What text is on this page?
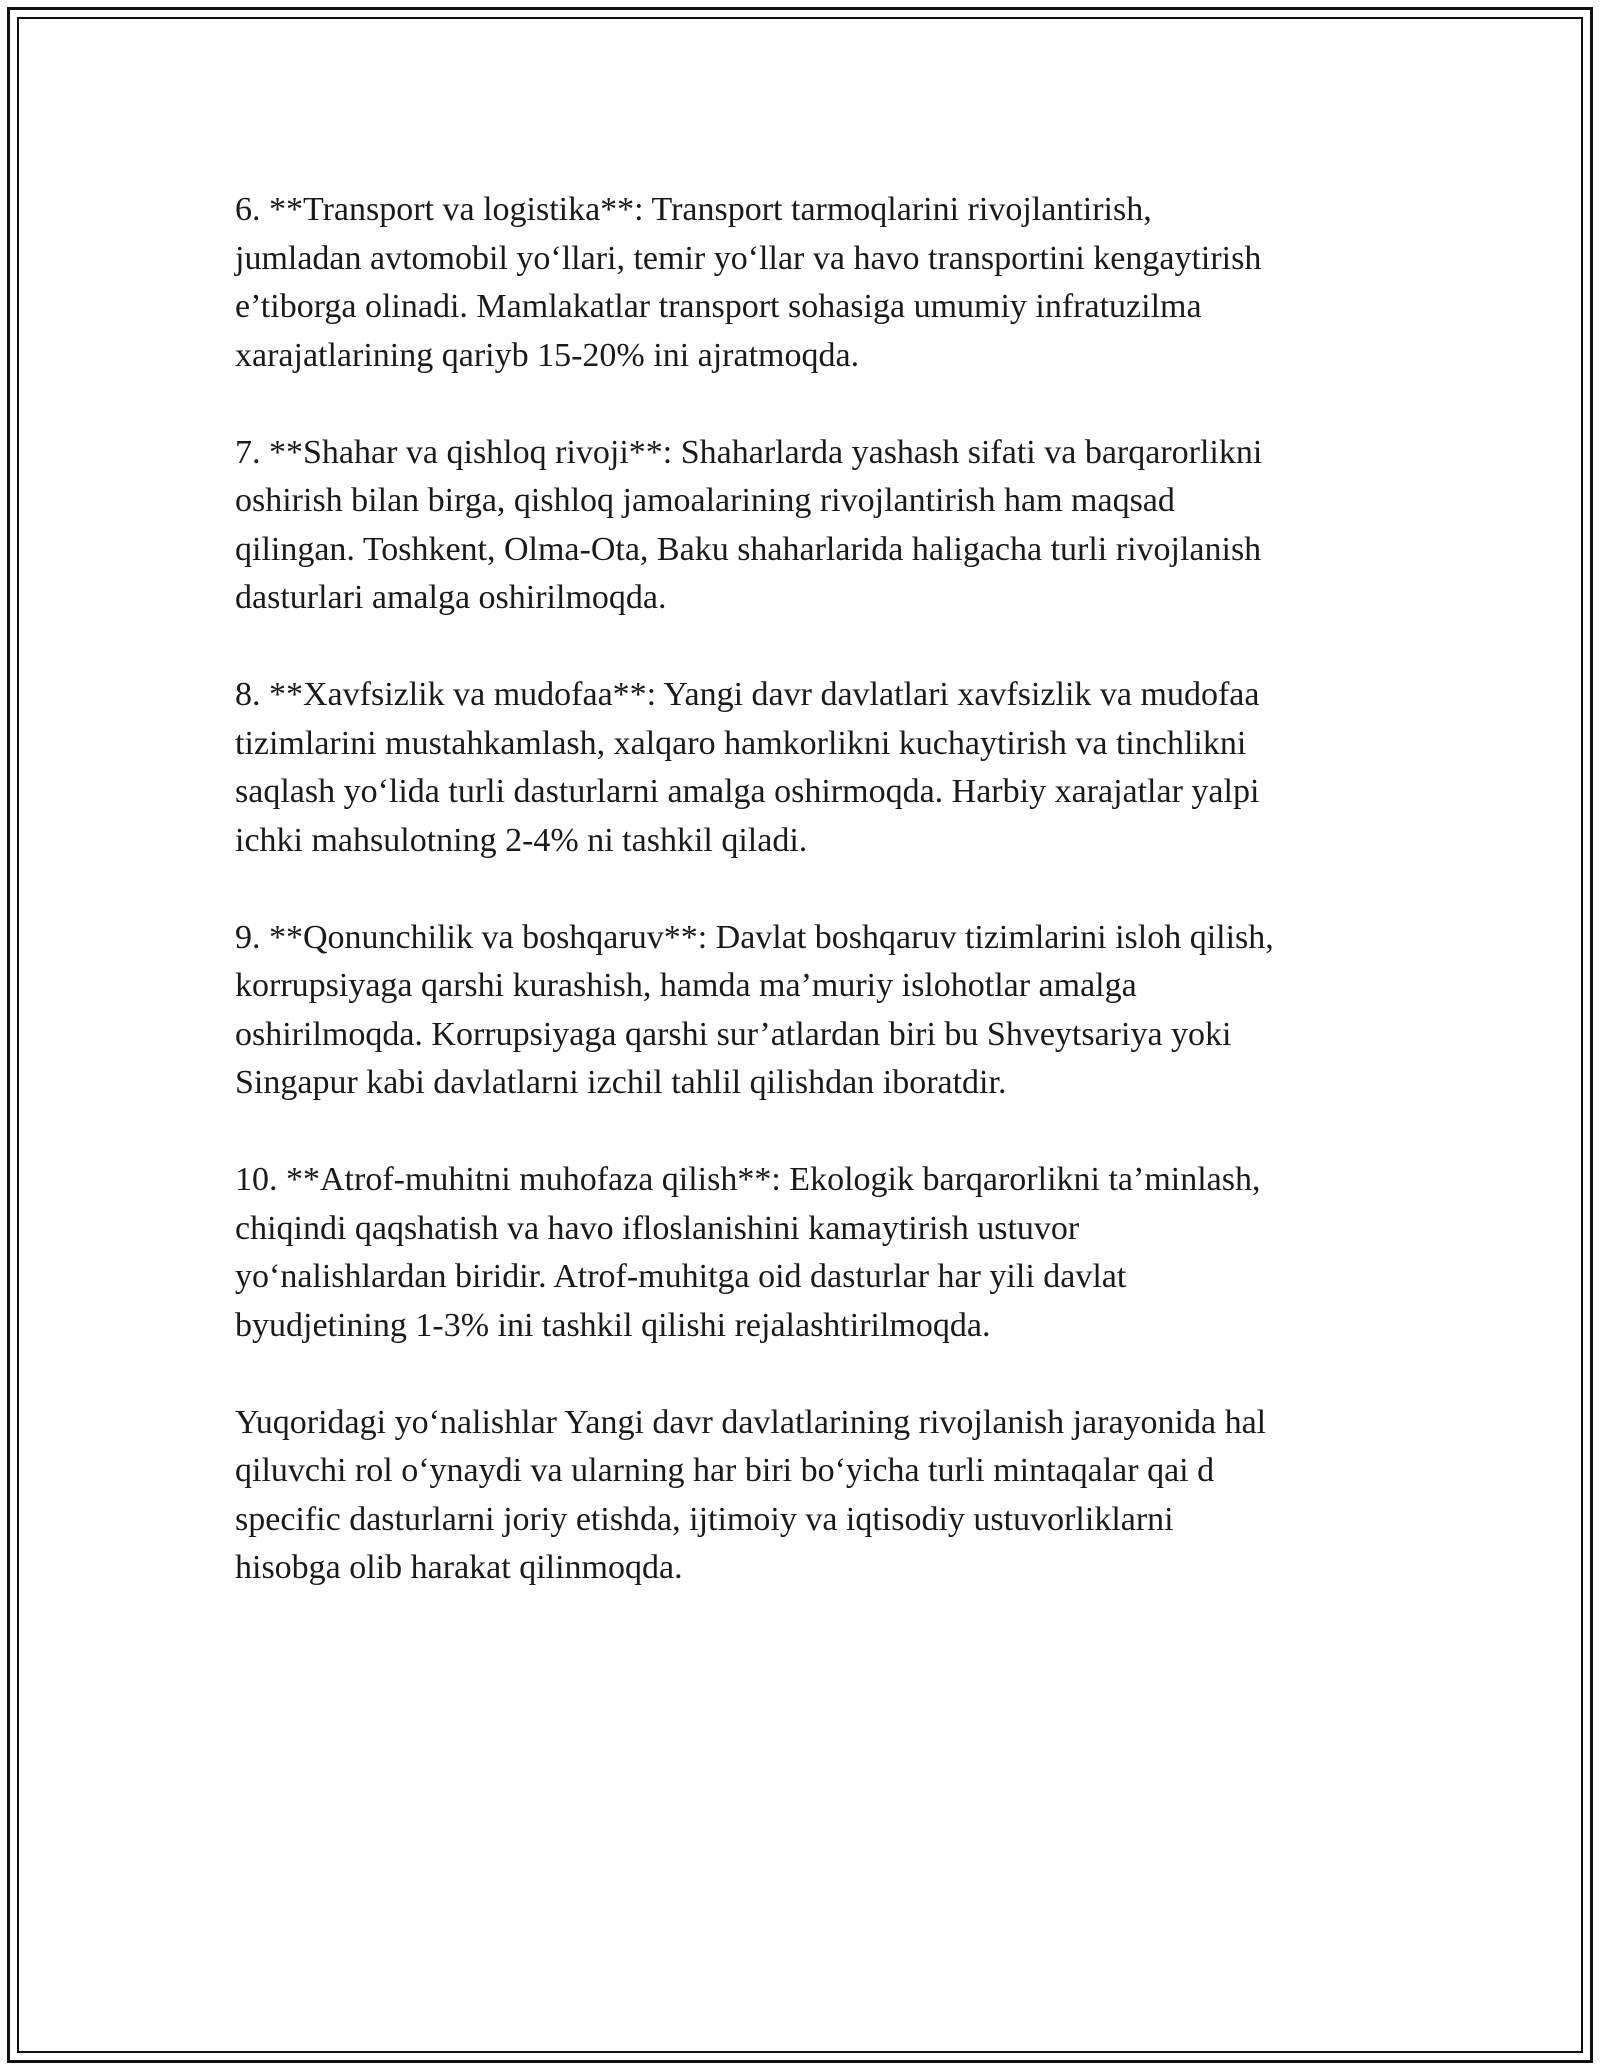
6. **Transport va logistika**: Transport tarmoqlarini rivojlantirish,
jumladan avtomobil yo‘llari, temir yo‘llar va havo transportini kengaytirish
e’tiborga olinadi. Mamlakatlar transport sohasiga umumiy infratuzilma
xarajatlarining qariyb 15-20% ini ajratmoqda.

7. **Shahar va qishloq rivoji**: Shaharlarda yashash sifati va barqarorlikni
oshirish bilan birga, qishloq jamoalarining rivojlantirish ham maqsad
qilingan. Toshkent, Olma-Ota, Baku shaharlarida haligacha turli rivojlanish
dasturlari amalga oshirilmoqda.

8. **Xavfsizlik va mudofaa**: Yangi davr davlatlari xavfsizlik va mudofaa
tizimlarini mustahkamlash, xalqaro hamkorlikni kuchaytirish va tinchlikni
saqlash yo‘lida turli dasturlarni amalga oshirmoqda. Harbiy xarajatlar yalpi
ichki mahsulotning 2-4% ni tashkil qiladi.

9. **Qonunchilik va boshqaruv**: Davlat boshqaruv tizimlarini isloh qilish,
korrupsiyaga qarshi kurashish, hamda ma’muriy islohotlar amalga
oshirilmoqda. Korrupsiyaga qarshi sur’atlardan biri bu Shveytsariya yoki
Singapur kabi davlatlarni izchil tahlil qilishdan iboratdir.

10. **Atrof-muhitni muhofaza qilish**: Ekologik barqarorlikni ta’minlash,
chiqindi qaqshatish va havo ifloslanishini kamaytirish ustuvor
yo‘nalishlardan biridir. Atrof-muhitga oid dasturlar har yili davlat
byudjetining 1-3% ini tashkil qilishi rejalashtirilmoqda.

Yuqoridagi yo‘nalishlar Yangi davr davlatlarining rivojlanish jarayonida hal
qiluvchi rol o‘ynaydi va ularning har biri bo‘yicha turli mintaqalar qai d
specific dasturlarni joriy etishda, ijtimoiy va iqtisodiy ustuvorliklarni
hisobga olib harakat qilinmoqda.
